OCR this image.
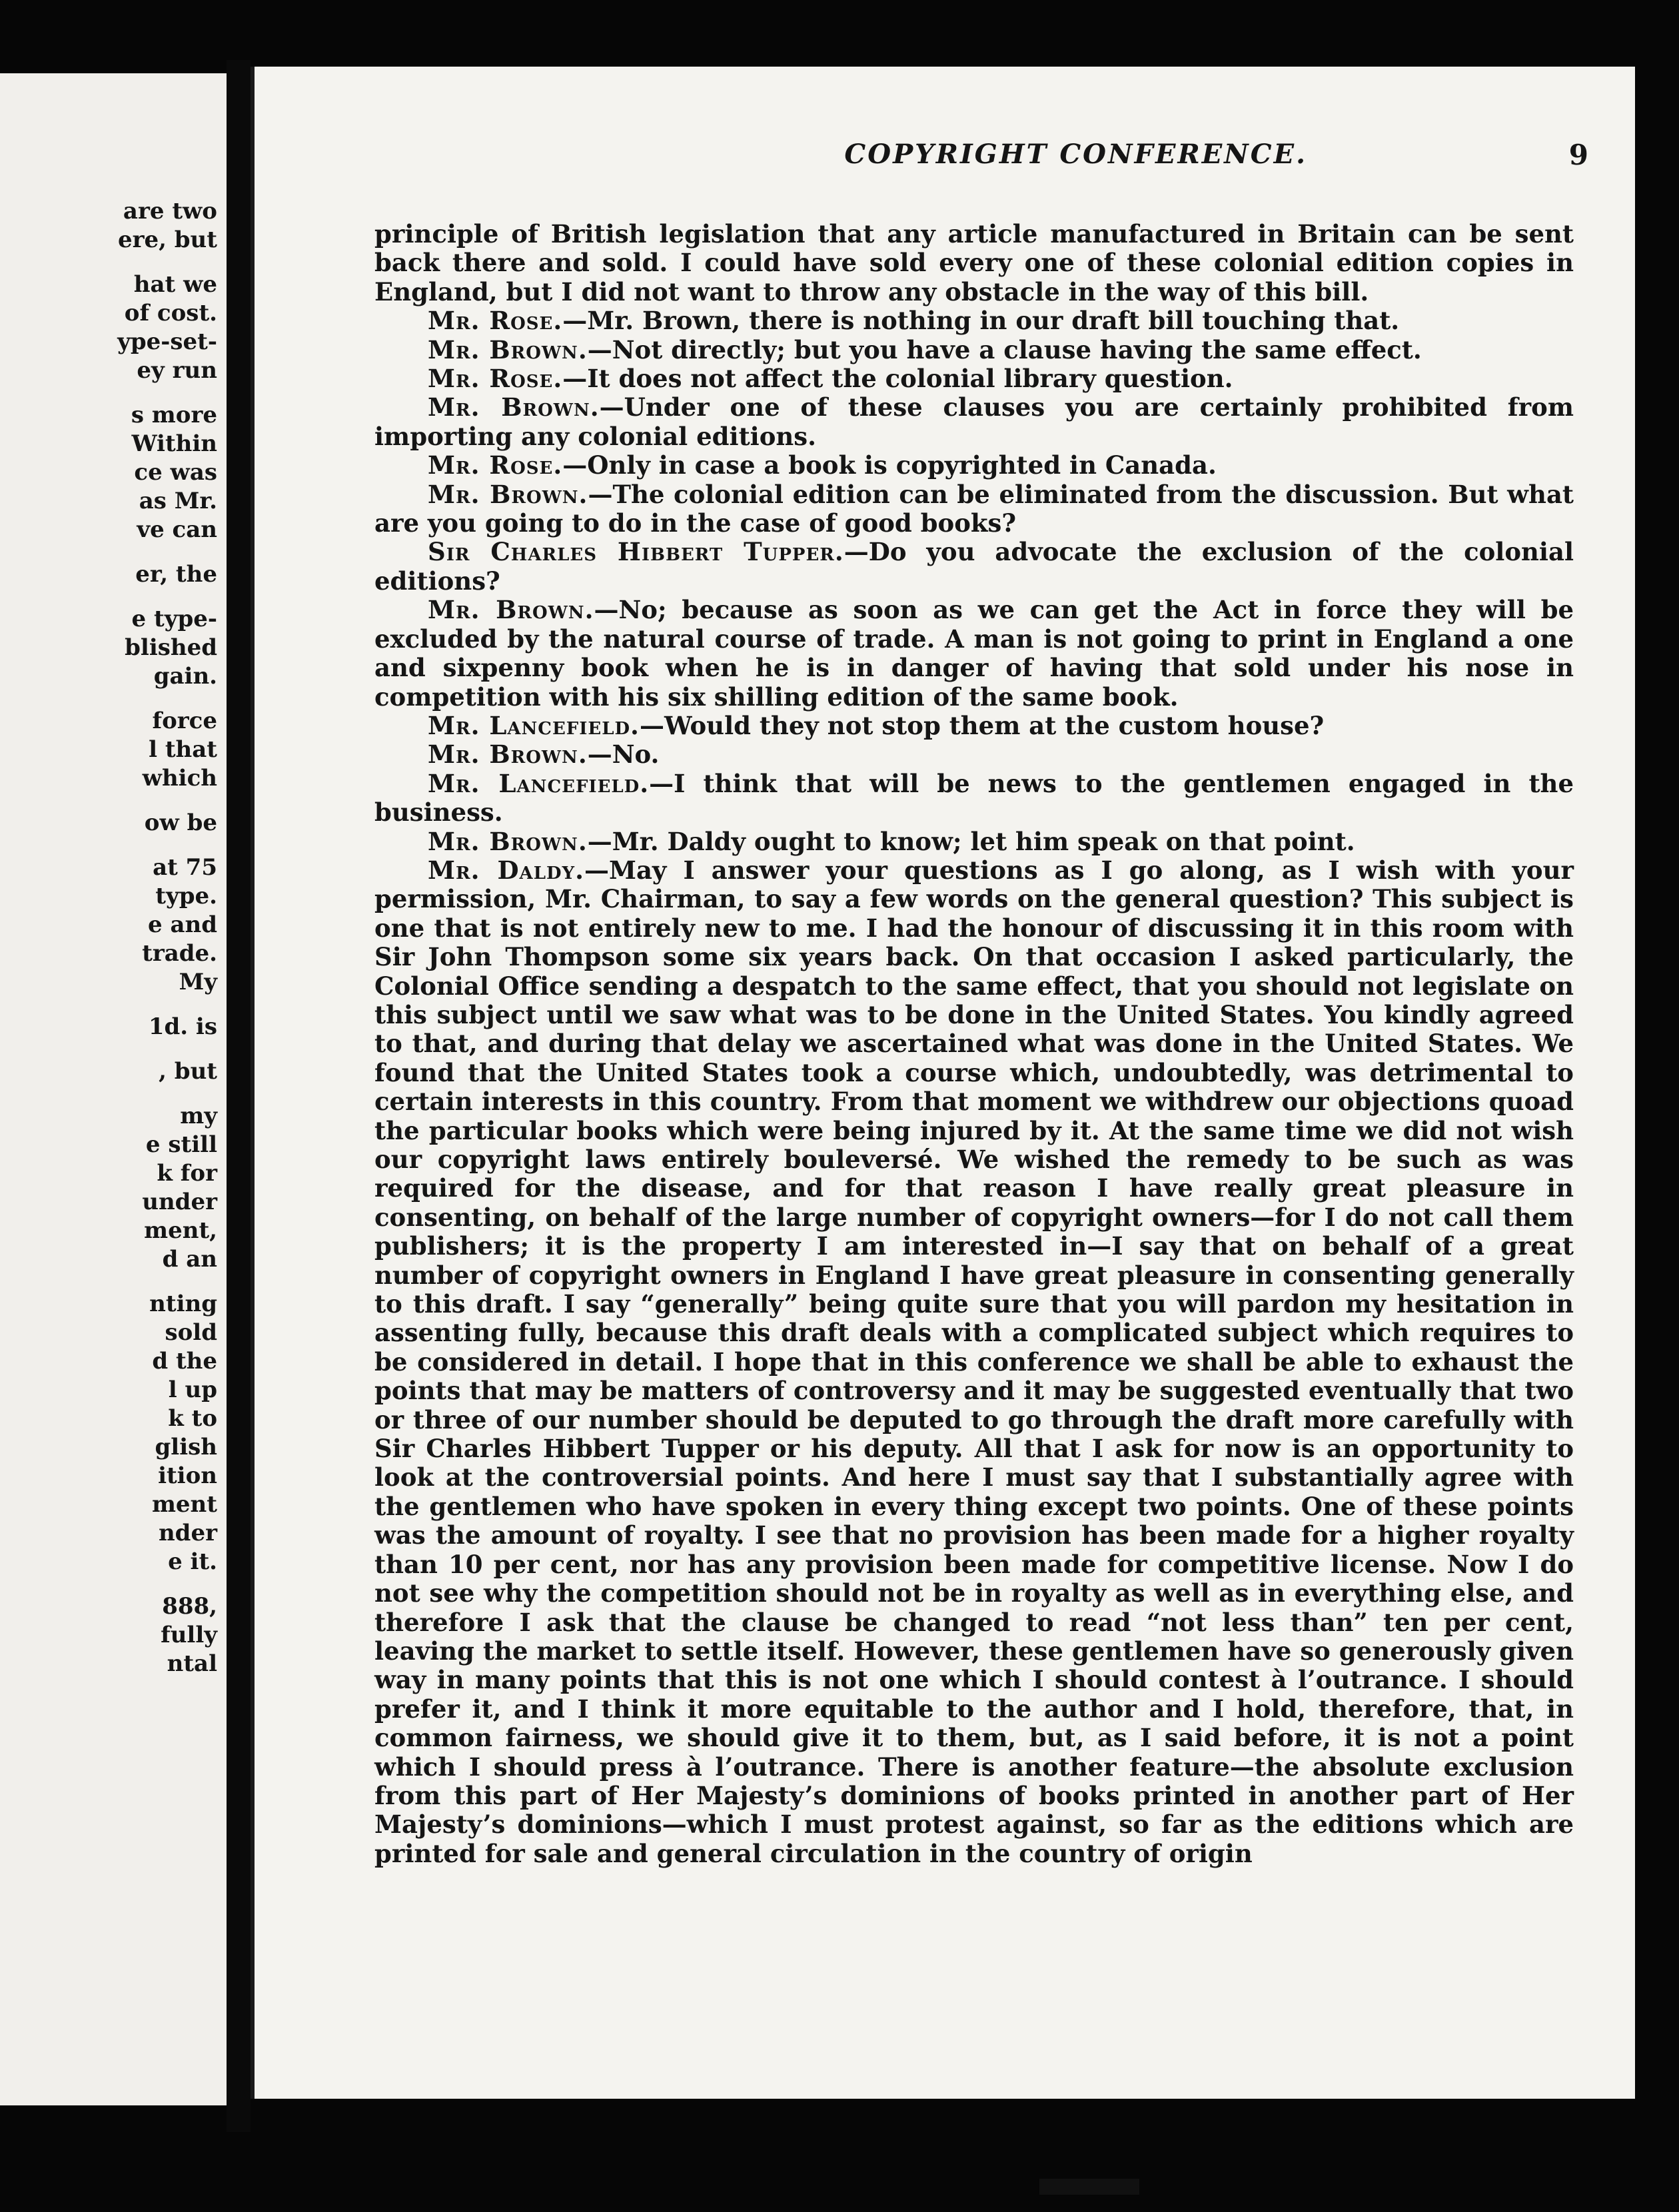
are two
ere, but
hat we
of cost.
ype-set-
ey run
s more
Within
ce was
as Mr.
ve can
er, the
e type-
blished
gain.
force
l that
which
ow be
at 75
type.
e and
trade.
My
1d. is
, but
my
e still
k for
under
ment,
d an
nting
sold
d the
l up
k to
glish
ition
ment
nder
e it.
888,
fully
ntal
COPYRIGHT CONFERENCE.	9

principle of British legislation that any article manufactured in Britain can be sent back there and sold. I could have sold every one of these colonial edition copies in England, but I did not want to throw any obstacle in the way of this bill.

Mr. Rose.—Mr. Brown, there is nothing in our draft bill touching that.

Mr. Brown.—Not directly; but you have a clause having the same effect.

Mr. Rose.—It does not affect the colonial library question.

Mr. Brown.—Under one of these clauses you are certainly prohibited from importing any colonial editions.

Mr. Rose.—Only in case a book is copyrighted in Canada.

Mr. Brown.—The colonial edition can be eliminated from the discussion. But what are you going to do in the case of good books?

Sir Charles Hibbert Tupper.—Do you advocate the exclusion of the colonial editions?

Mr. Brown.—No; because as soon as we can get the Act in force they will be excluded by the natural course of trade. A man is not going to print in England a one and sixpenny book when he is in danger of having that sold under his nose in competition with his six shilling edition of the same book.

Mr. Lancefield.—Would they not stop them at the custom house?

Mr. Brown.—No.

Mr. Lancefield.—I think that will be news to the gentlemen engaged in the business.

Mr. Brown.—Mr. Daldy ought to know; let him speak on that point.

Mr. Daldy.—May I answer your questions as I go along, as I wish with your permission, Mr. Chairman, to say a few words on the general question? This subject is one that is not entirely new to me. I had the honour of discussing it in this room with Sir John Thompson some six years back. On that occasion I asked particularly, the Colonial Office sending a despatch to the same effect, that you should not legislate on this subject until we saw what was to be done in the United States. You kindly agreed to that, and during that delay we ascertained what was done in the United States. We found that the United States took a course which, undoubtedly, was detrimental to certain interests in this country. From that moment we withdrew our objections quoad the particular books which were being injured by it. At the same time we did not wish our copyright laws entirely bouleversé. We wished the remedy to be such as was required for the disease, and for that reason I have really great pleasure in consenting, on behalf of the large number of copyright owners—for I do not call them publishers; it is the property I am interested in—I say that on behalf of a great number of copyright owners in England I have great pleasure in consenting generally to this draft. I say “generally” being quite sure that you will pardon my hesitation in assenting fully, because this draft deals with a complicated subject which requires to be considered in detail. I hope that in this conference we shall be able to exhaust the points that may be matters of controversy and it may be suggested eventually that two or three of our number should be deputed to go through the draft more carefully with Sir Charles Hibbert Tupper or his deputy. All that I ask for now is an opportunity to look at the controversial points. And here I must say that I substantially agree with the gentlemen who have spoken in every thing except two points. One of these points was the amount of royalty. I see that no provision has been made for a higher royalty than 10 per cent, nor has any provision been made for competitive license. Now I do not see why the competition should not be in royalty as well as in everything else, and therefore I ask that the clause be changed to read “not less than” ten per cent, leaving the market to settle itself. However, these gentlemen have so generously given way in many points that this is not one which I should contest à l’outrance. I should prefer it, and I think it more equitable to the author and I hold, therefore, that, in common fairness, we should give it to them, but, as I said before, it is not a point which I should press à l’outrance. There is another feature—the absolute exclusion from this part of Her Majesty’s dominions of books printed in another part of Her Majesty’s dominions—which I must protest against, so far as the editions which are printed for sale and general circulation in the country of origin
